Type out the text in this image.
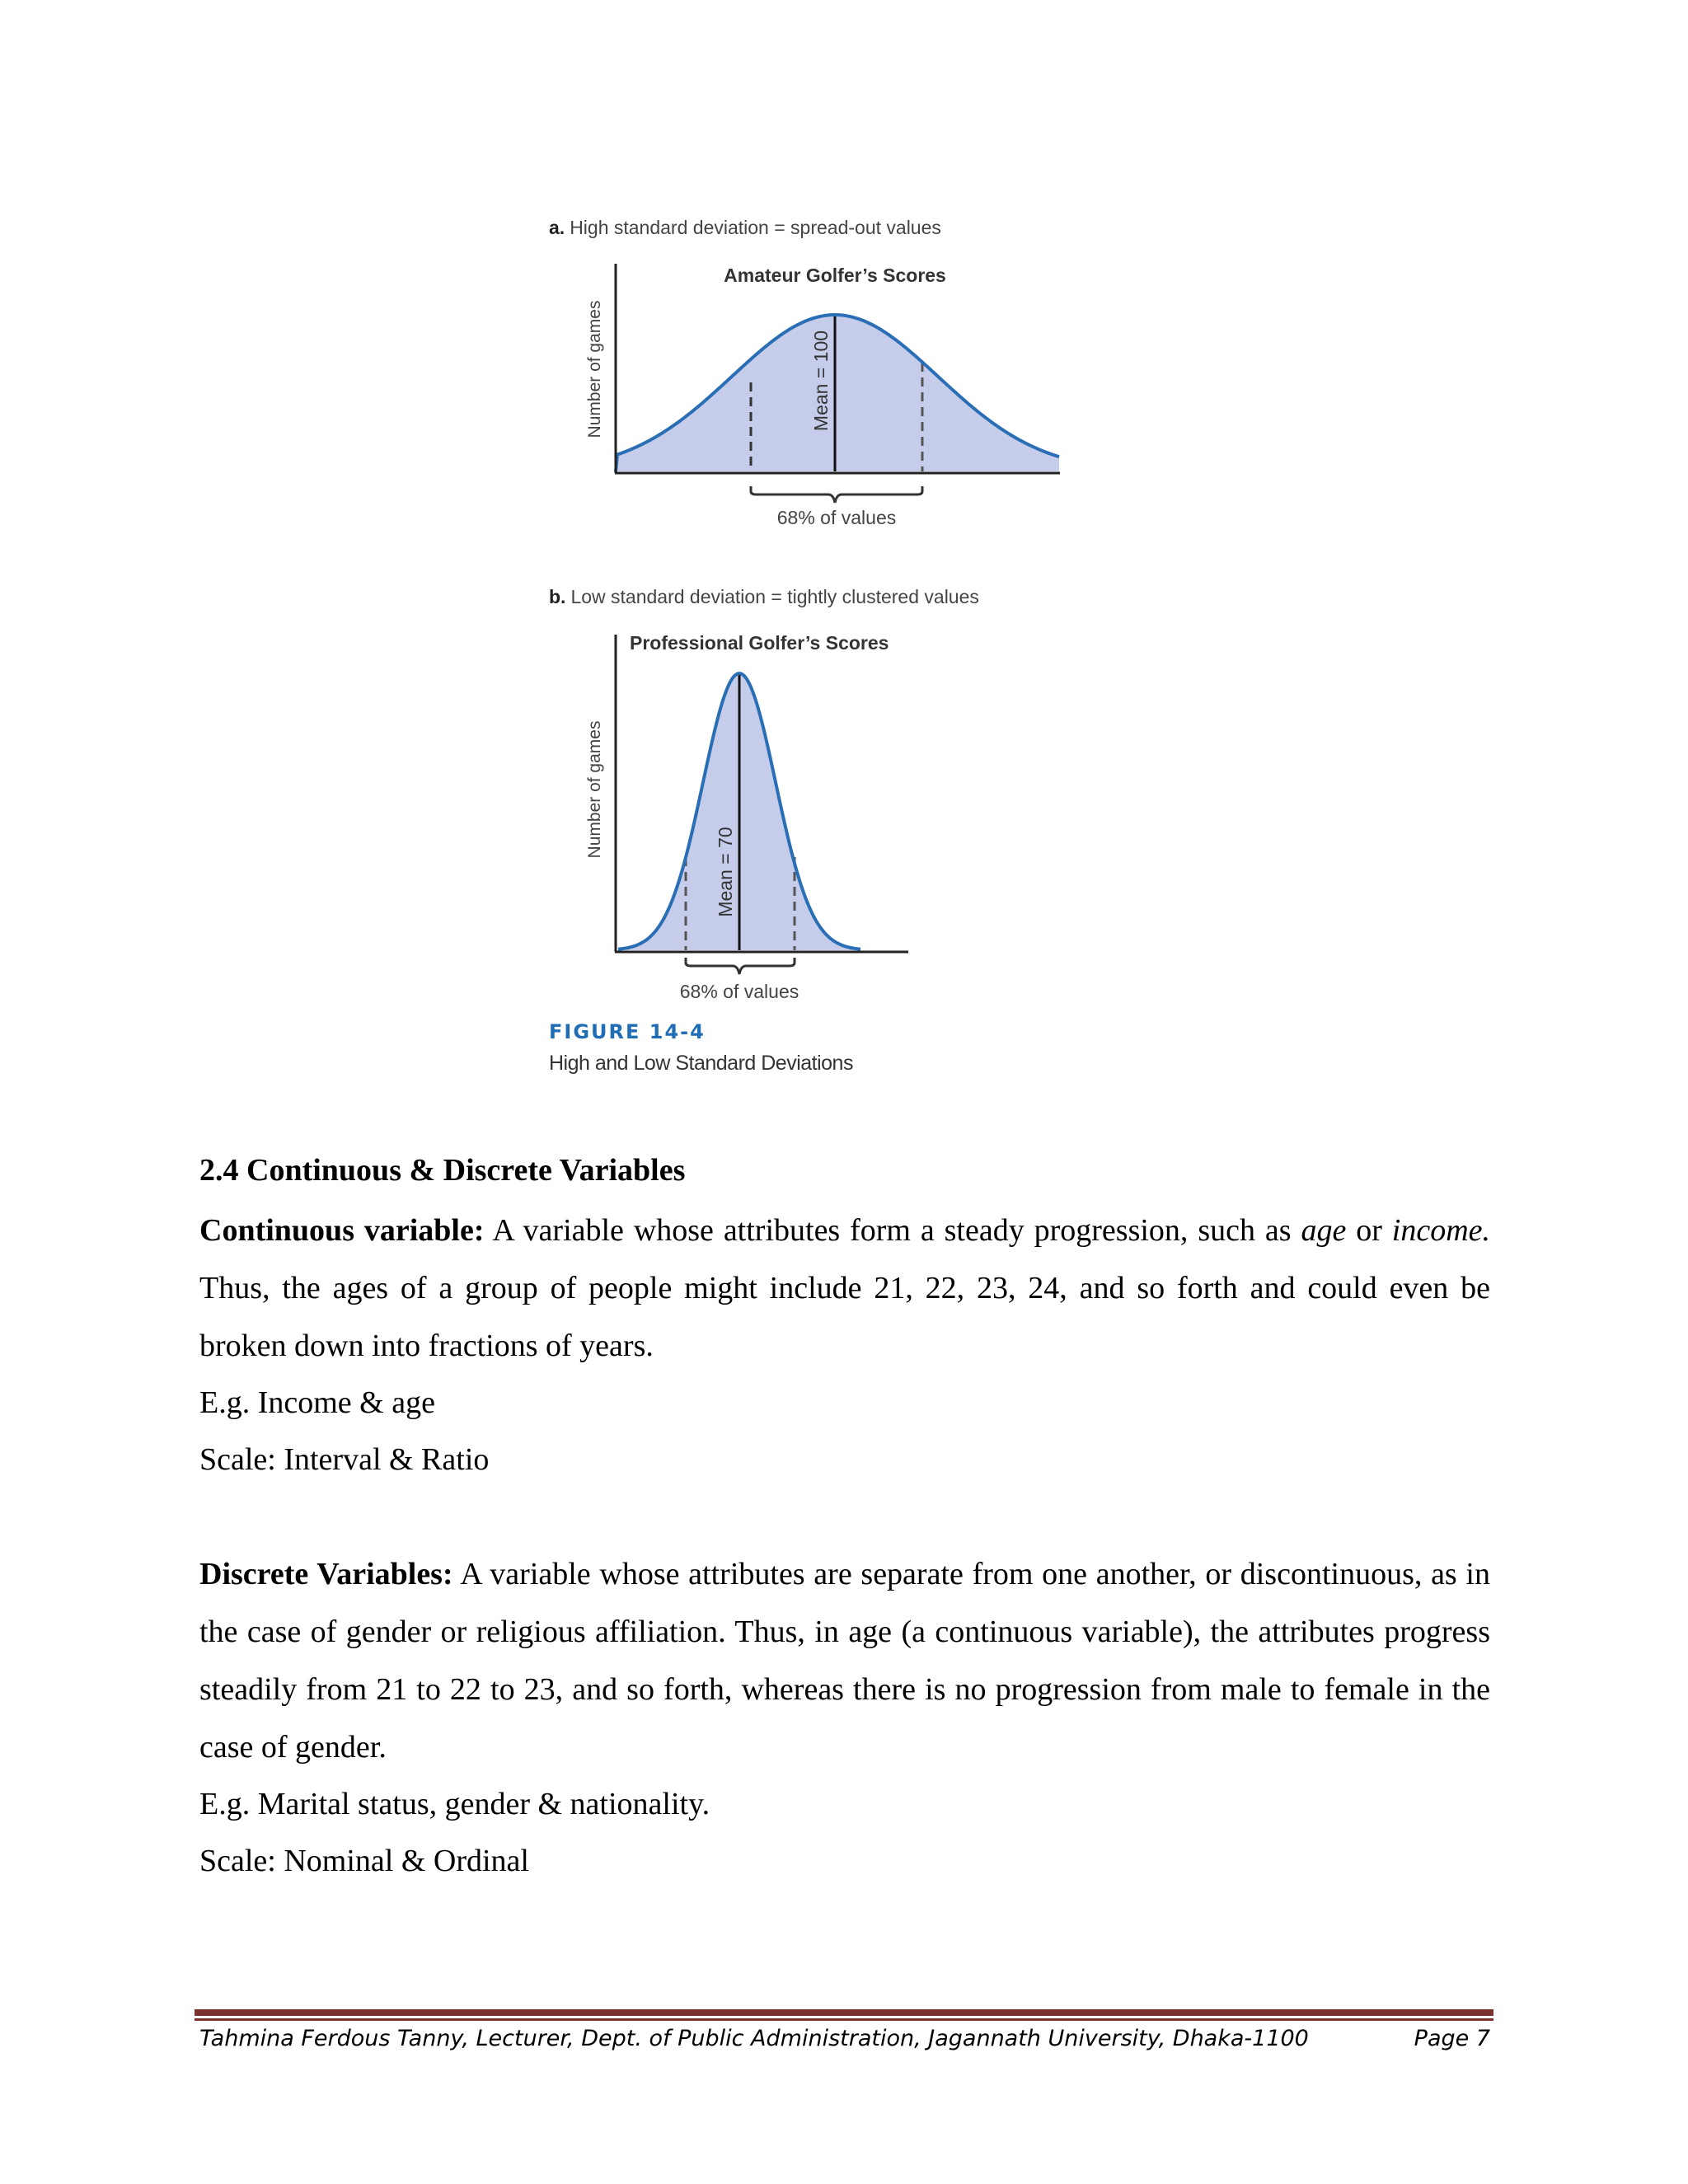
a. High standard deviation = spread-out values
Amateur Golfer’s Scores
Number of games	Mean = 100
68% of values
b. Low standard deviation = tightly clustered values
Professional Golfer’s Scores
Number of games
Mean = 70
68% of values
FIGURE 14-4
High and Low Standard Deviations
2.4 Continuous & Discrete Variables

Continuous variable: A variable whose attributes form a steady progression, such as age or income. Thus, the ages of a group of people might include 21, 22, 23, 24, and so forth and could even be broken down into fractions of years.

E.g. Income & age

Scale: Interval & Ratio

Discrete Variables: A variable whose attributes are separate from one another, or discontinuous, as in the case of gender or religious affiliation. Thus, in age (a continuous variable), the attributes progress steadily from 21 to 22 to 23, and so forth, whereas there is no progression from male to female in the case of gender.

E.g. Marital status, gender & nationality.

Scale: Nominal & Ordinal

Tahmina Ferdous Tanny, Lecturer, Dept. of Public Administration, Jagannath University, Dhaka-1100	Page 7
